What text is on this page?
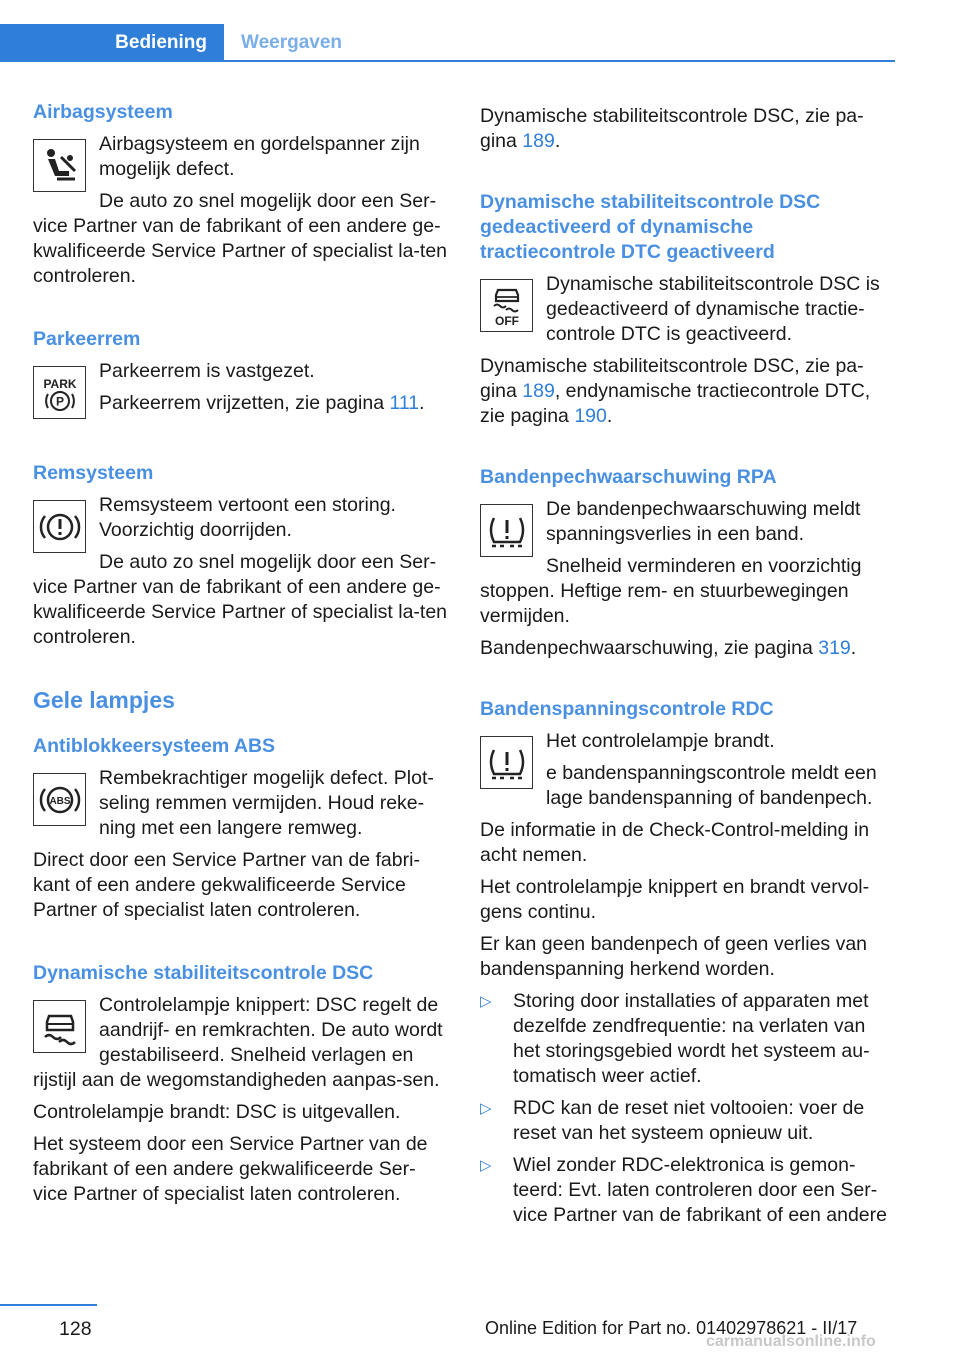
Bediening	Weergaven
Airbagsysteem

Airbagsysteem en gordelspanner zijn mogelijk defect.

De auto zo snel mogelijk door een Ser‐vice Partner van de fabrikant of een andere ge‐kwalificeerde Service Partner of specialist la‐ten controleren.

Parkeerrem
PARK
P

Parkeerrem is vastgezet.

Parkeerrem vrijzetten, zie pagina 111.

Remsysteem

Remsysteem vertoont een storing. Voorzichtig doorrijden.

De auto zo snel mogelijk door een Ser‐vice Partner van de fabrikant of een andere ge‐kwalificeerde Service Partner of specialist la‐ten controleren.

Gele lampjes
Antiblokkeersysteem ABS
ABS

Rembekrachtiger mogelijk defect. Plot‐seling remmen vermijden. Houd reke‐ning met een langere remweg.

Direct door een Service Partner van de fabri‐kant of een andere gekwalificeerde Service Partner of specialist laten controleren.

Dynamische stabiliteitscontrole DSC

Controlelampje knippert: DSC regelt de aandrijf- en remkrachten. De auto wordt gestabiliseerd. Snelheid verlagen en rijstijl aan de wegomstandigheden aanpas‐sen.

Controlelampje brandt: DSC is uitgevallen.

Het systeem door een Service Partner van de fabrikant of een andere gekwalificeerde Ser‐vice Partner of specialist laten controleren.

Dynamische stabiliteitscontrole DSC, zie pa‐gina 189.

Dynamische stabiliteitscontrole DSC gedeactiveerd of dynamische tractiecontrole DTC geactiveerd
OFF

Dynamische stabiliteitscontrole DSC is gedeactiveerd of dynamische tractie‐controle DTC is geactiveerd.

Dynamische stabiliteitscontrole DSC, zie pa‐gina 189, endynamische tractiecontrole DTC, zie pagina 190.

Bandenpechwaarschuwing RPA

De bandenpechwaarschuwing meldt spanningsverlies in een band.

Snelheid verminderen en voorzichtig stoppen. Heftige rem- en stuurbewegingen vermijden.

Bandenpechwaarschuwing, zie pagina 319.

Bandenspanningscontrole RDC

Het controlelampje brandt.

e bandenspanningscontrole meldt een lage bandenspanning of bandenpech.

De informatie in de Check-Control-melding in acht nemen.

Het controlelampje knippert en brandt vervol‐gens continu.

Er kan geen bandenpech of geen verlies van bandenspanning herkend worden.

▷ Storing door installaties of apparaten met dezelfde zendfrequentie: na verlaten van het storingsgebied wordt het systeem au‐tomatisch weer actief.
▷ RDC kan de reset niet voltooien: voer de reset van het systeem opnieuw uit.
▷ Wiel zonder RDC-elektronica is gemon‐teerd: Evt. laten controleren door een Ser‐vice Partner van de fabrikant of een andere
128	Online Edition for Part no. 01402978621 - II/17
carmanualsonline.info
